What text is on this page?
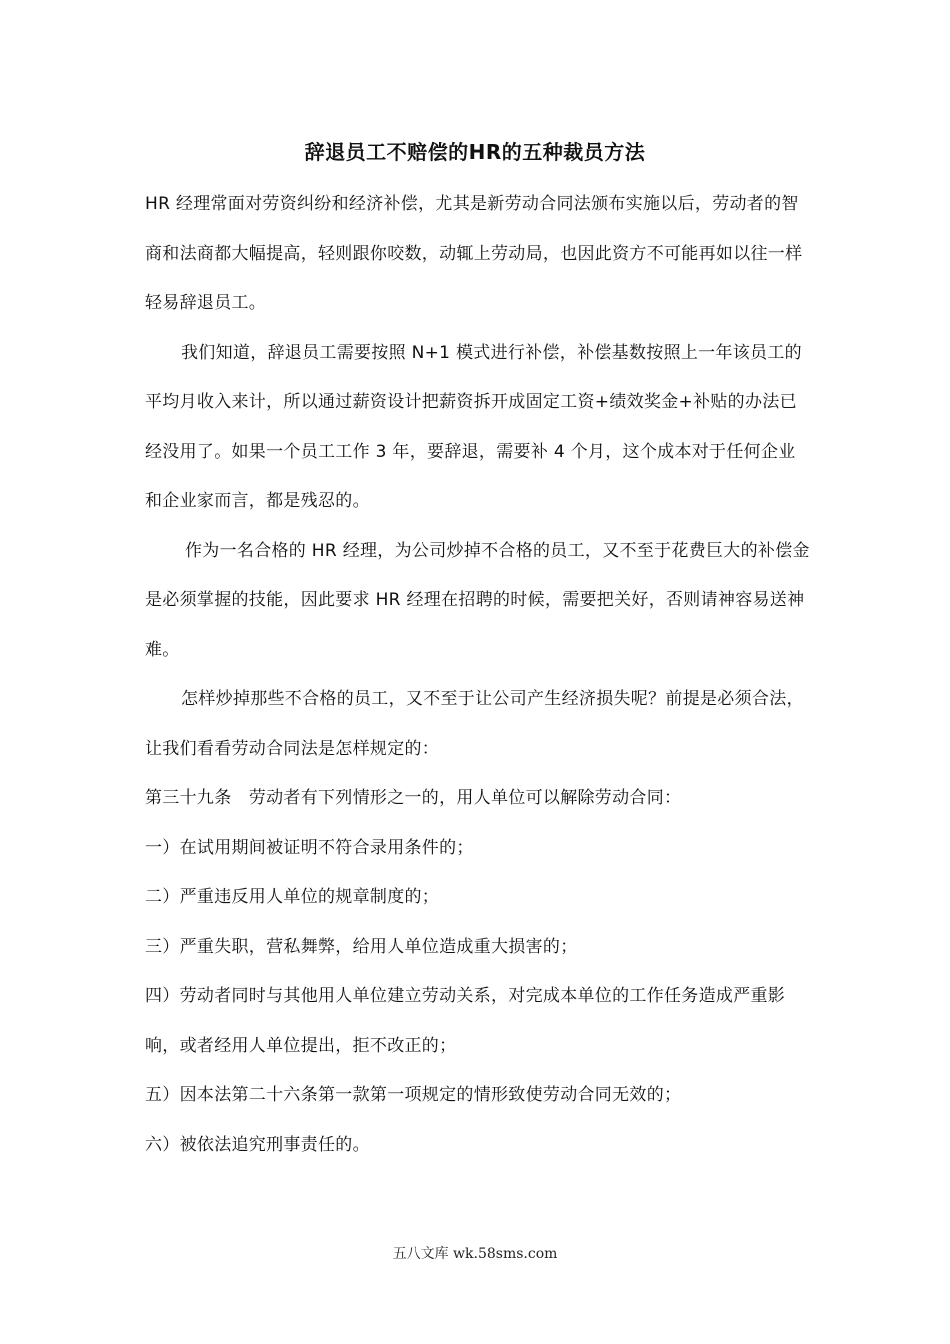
辞退员工不赔偿的HR的五种裁员方法

HR 经理常面对劳资纠纷和经济补偿，尤其是新劳动合同法颁布实施以后，劳动者的智商和法商都大幅提高，轻则跟你咬数，动辄上劳动局，也因此资方不可能再如以往一样轻易辞退员工。

我们知道，辞退员工需要按照 N+1 模式进行补偿，补偿基数按照上一年该员工的平均月收入来计，所以通过薪资设计把薪资拆开成固定工资+绩效奖金+补贴的办法已经没用了。如果一个员工工作 3 年，要辞退，需要补 4 个月，这个成本对于任何企业和企业家而言，都是残忍的。

作为一名合格的 HR 经理，为公司炒掉不合格的员工，又不至于花费巨大的补偿金是必须掌握的技能，因此要求 HR 经理在招聘的时候，需要把关好，否则请神容易送神难。

怎样炒掉那些不合格的员工，又不至于让公司产生经济损失呢？前提是必须合法，让我们看看劳动合同法是怎样规定的：

第三十九条　劳动者有下列情形之一的，用人单位可以解除劳动合同：

一）在试用期间被证明不符合录用条件的；

二）严重违反用人单位的规章制度的；

三）严重失职，营私舞弊，给用人单位造成重大损害的；

四）劳动者同时与其他用人单位建立劳动关系，对完成本单位的工作任务造成严重影响，或者经用人单位提出，拒不改正的；

五）因本法第二十六条第一款第一项规定的情形致使劳动合同无效的；

六）被依法追究刑事责任的。

五八文库 wk.58sms.com
